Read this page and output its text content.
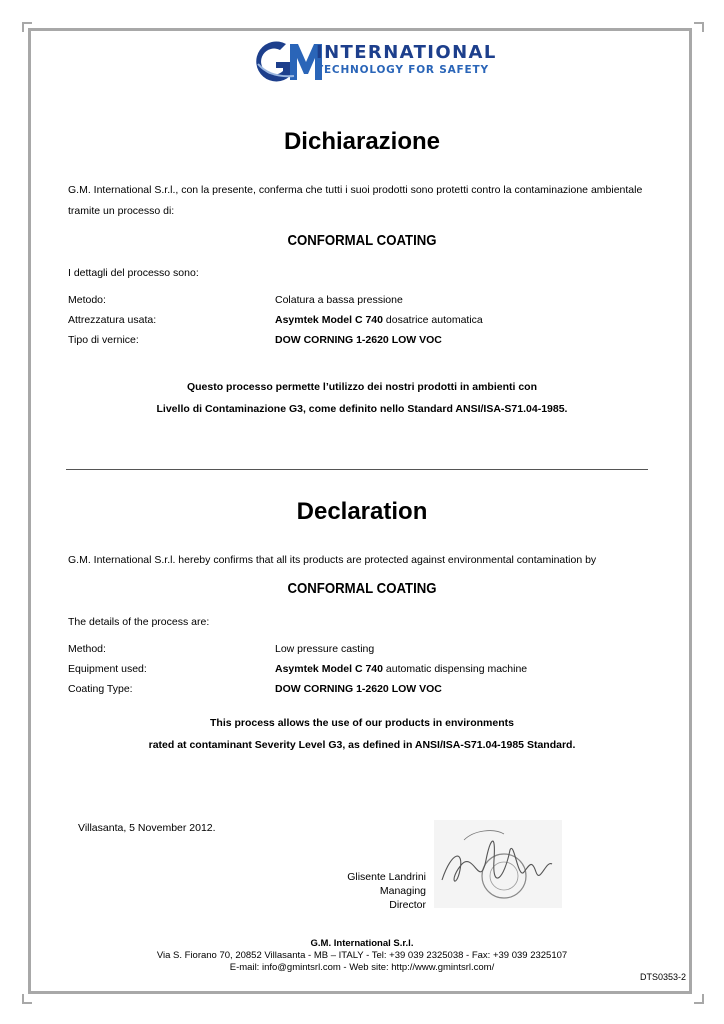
INTERNATIONAL
TECHNOLOGY FOR SAFETY
Dichiarazione
G.M. International S.r.l., con la presente, conferma che tutti i suoi prodotti sono protetti contro la contaminazione ambientale
tramite un processo di:
CONFORMAL COATING
I dettagli del processo sono:
Metodo:	Colatura a bassa pressione
Attrezzatura usata:	Asymtek Model C 740 dosatrice automatica
Tipo di vernice:	DOW CORNING 1-2620 LOW VOC
Questo processo permette l’utilizzo dei nostri prodotti in ambienti con
Livello di Contaminazione G3, come definito nello Standard ANSI/ISA-S71.04-1985.
Declaration
G.M. International S.r.l. hereby confirms that all its products are protected against environmental contamination by
CONFORMAL COATING
The details of the process are:
Method:	Low pressure casting
Equipment used:	Asymtek Model C 740 automatic dispensing machine
Coating Type:	DOW CORNING 1-2620 LOW VOC
This process allows the use of our products in environments
rated at contaminant Severity Level G3, as defined in ANSI/ISA-S71.04-1985 Standard.
Villasanta, 5 November 2012.
Glisente Landrini
Managing Director
G.M. International S.r.l.
Via S. Fiorano 70, 20852 Villasanta - MB – ITALY - Tel: +39 039 2325038 - Fax: +39 039 2325107
E-mail: info@gmintsrl.com - Web site: http://www.gmintsrl.com/
DTS0353-2
